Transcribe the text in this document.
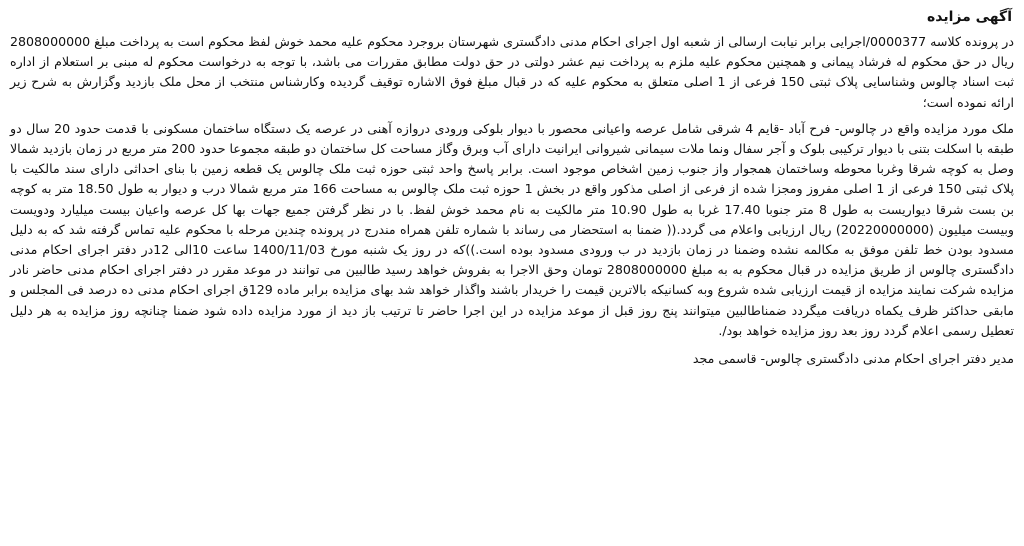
آگهی مزایده

در پرونده کلاسه 0000377/اجرایی برابر نیابت ارسالی از شعبه اول اجرای احکام مدنی دادگستری شهرستان بروجرد محکوم علیه محمد خوش لفظ محکوم است به پرداخت مبلغ 2808000000 ریال در حق محکوم له فرشاد پیمانی و همچنین محکوم علیه ملزم به پرداخت نیم عشر دولتی در حق دولت مطابق مقررات می باشد، با توجه به درخواست محکوم له مبنی بر استعلام از اداره ثبت اسناد چالوس وشناسایی پلاک ثبتی 150 فرعی از 1 اصلی متعلق به محکوم علیه که در قبال مبلغ فوق الاشاره توقیف گردیده وکارشناس منتخب از محل ملک بازدید وگزارش به شرح زیر ارائه نموده است؛

ملک مورد مزایده واقع در چالوس- فرح آباد -قایم 4 شرقی شامل عرصه واعیانی محصور با دیوار بلوکی ورودی دروازه آهنی در عرصه یک دستگاه ساختمان مسکونی با قدمت حدود 20 سال دو طبقه با اسکلت بتنی با دیوار ترکیبی بلوک و آجر سفال ونما ملات سیمانی شیروانی ایرانیت دارای آب وبرق وگاز مساحت کل ساختمان دو طبقه مجموعا حدود 200 متر مربع در زمان بازدید شمالا وصل به کوچه شرقا وغربا محوطه وساختمان همجوار واز جنوب زمین اشخاص موجود است. برابر پاسخ واحد ثبتی حوزه ثبت ملک چالوس یک قطعه زمین با بنای احداثی دارای سند مالکیت با پلاک ثبتی 150 فرعی از 1 اصلی مفروز ومجزا شده از فرعی از اصلی مذکور واقع در بخش 1 حوزه ثبت ملک چالوس به مساحت 166 متر مربع شمالا درب و دیوار به طول 18.50 متر به کوچه بن بست شرقا دیواریست به طول 8 متر جنوبا 17.40 غربا به طول 10.90 متر مالکیت به نام محمد خوش لفظ. با در نظر گرفتن جمیع جهات بها کل عرصه واعیان بیست میلیارد ودویست وبیست میلیون (20220000000) ریال ارزیابی واعلام می گردد.(( ضمنا به استحضار می رساند با شماره تلفن همراه مندرج در پرونده چندین مرحله با محکوم علیه تماس گرفته شد که به دلیل مسدود بودن خط تلفن موفق به مکالمه نشده وضمنا در زمان بازدید در ب ورودی مسدود بوده است.))که در روز یک شنبه مورخ 1400/11/03 ساعت 10الی 12در دفتر اجرای احکام مدنی دادگستری چالوس از طریق مزایده در قبال محکوم به به مبلغ 2808000000 تومان وحق الاجرا به بفروش خواهد رسید طالبین می توانند در موعد مقرر در دفتر اجرای احکام مدنی حاضر نادر مزایده شرکت نمایند مزایده از قیمت ارزیابی شده شروع وبه کسانیکه بالاترین قیمت را خریدار باشند واگذار خواهد شد بهای مزایده برابر ماده 129ق اجرای احکام مدنی ده درصد فی المجلس و مابقی حداکثر ظرف یکماه دریافت میگردد ضمناطالبین میتوانند پنج روز قبل از موعد مزایده در این اجرا حاضر تا ترتیب باز دید از مورد مزایده داده شود ضمنا چنانچه روز مزایده به هر دلیل تعطیل رسمی اعلام گردد روز بعد روز مزایده خواهد بود/.

مدیر دفتر اجرای احکام مدنی دادگستری چالوس- قاسمی مجد
